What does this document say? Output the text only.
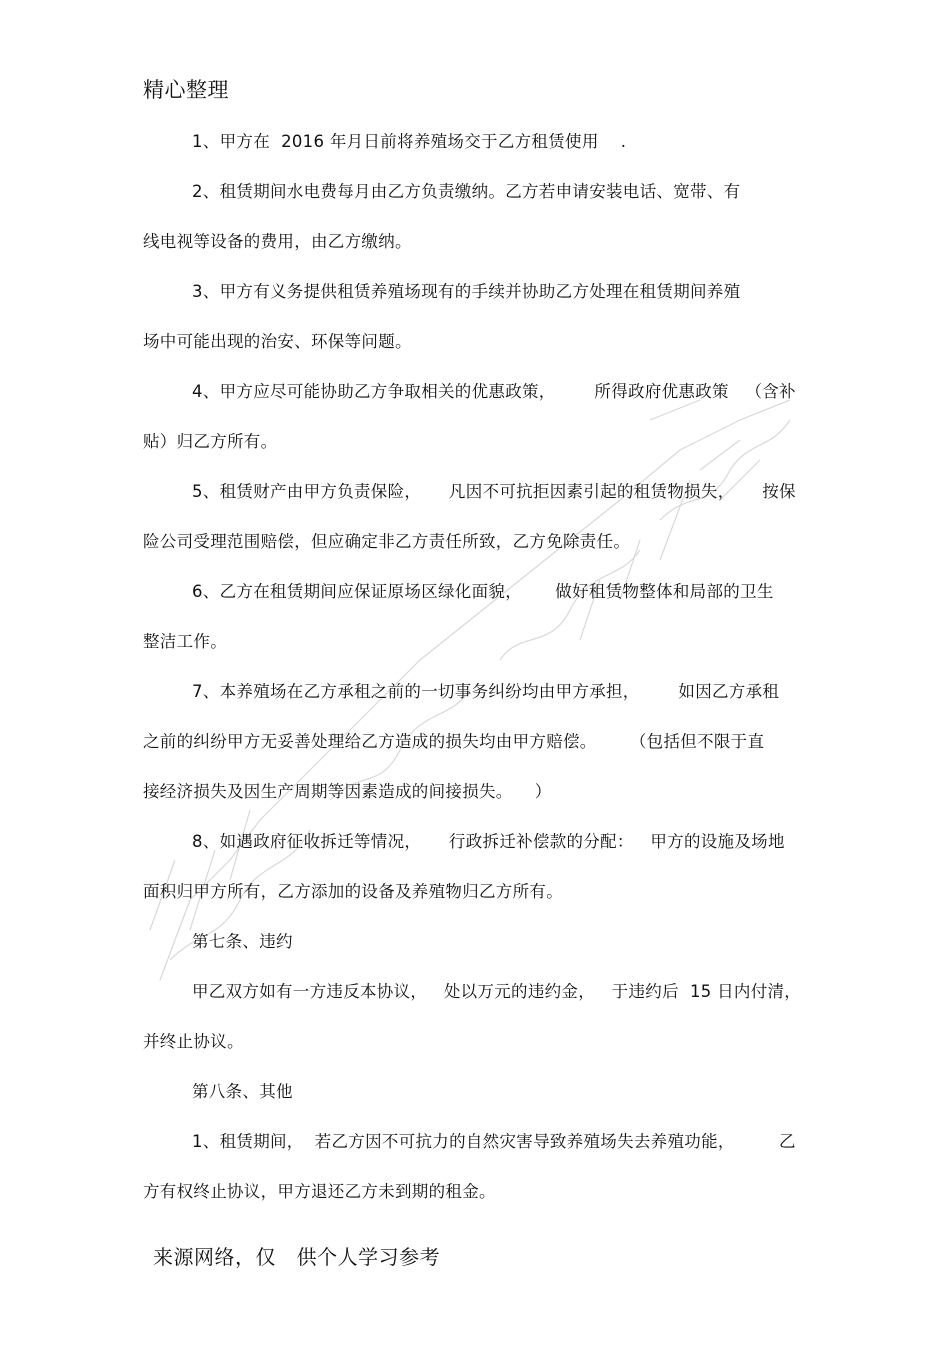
精心整理
1、甲方在  2016 年月日前将养殖场交于乙方租赁使用    .
2、租赁期间水电费每月由乙方负责缴纳。乙方若申请安装电话、宽带、有
线电视等设备的费用，由乙方缴纳。
3、甲方有义务提供租赁养殖场现有的手续并协助乙方处理在租赁期间养殖
场中可能出现的治安、环保等问题。
4、甲方应尽可能协助乙方争取相关的优惠政策，       所得政府优惠政策   （含补
贴）归乙方所有。
5、租赁财产由甲方负责保险，     凡因不可抗拒因素引起的租赁物损失，     按保
险公司受理范围赔偿，但应确定非乙方责任所致，乙方免除责任。
6、乙方在租赁期间应保证原场区绿化面貌，      做好租赁物整体和局部的卫生
整洁工作。
7、本养殖场在乙方承租之前的一切事务纠纷均由甲方承担，       如因乙方承租
之前的纠纷甲方无妥善处理给乙方造成的损失均由甲方赔偿。      （包括但不限于直
接经济损失及因生产周期等因素造成的间接损失。    ）
8、如遇政府征收拆迁等情况，     行政拆迁补偿款的分配：   甲方的设施及场地
面积归甲方所有，乙方添加的设备及养殖物归乙方所有。
第七条、违约
甲乙双方如有一方违反本协议，   处以万元的违约金，   于违约后  15 日内付清，
并终止协议。
第八条、其他
1、租赁期间，  若乙方因不可抗力的自然灾害导致养殖场失去养殖功能，        乙
方有权终止协议，甲方退还乙方未到期的租金。
来源网络，仅   供个人学习参考
